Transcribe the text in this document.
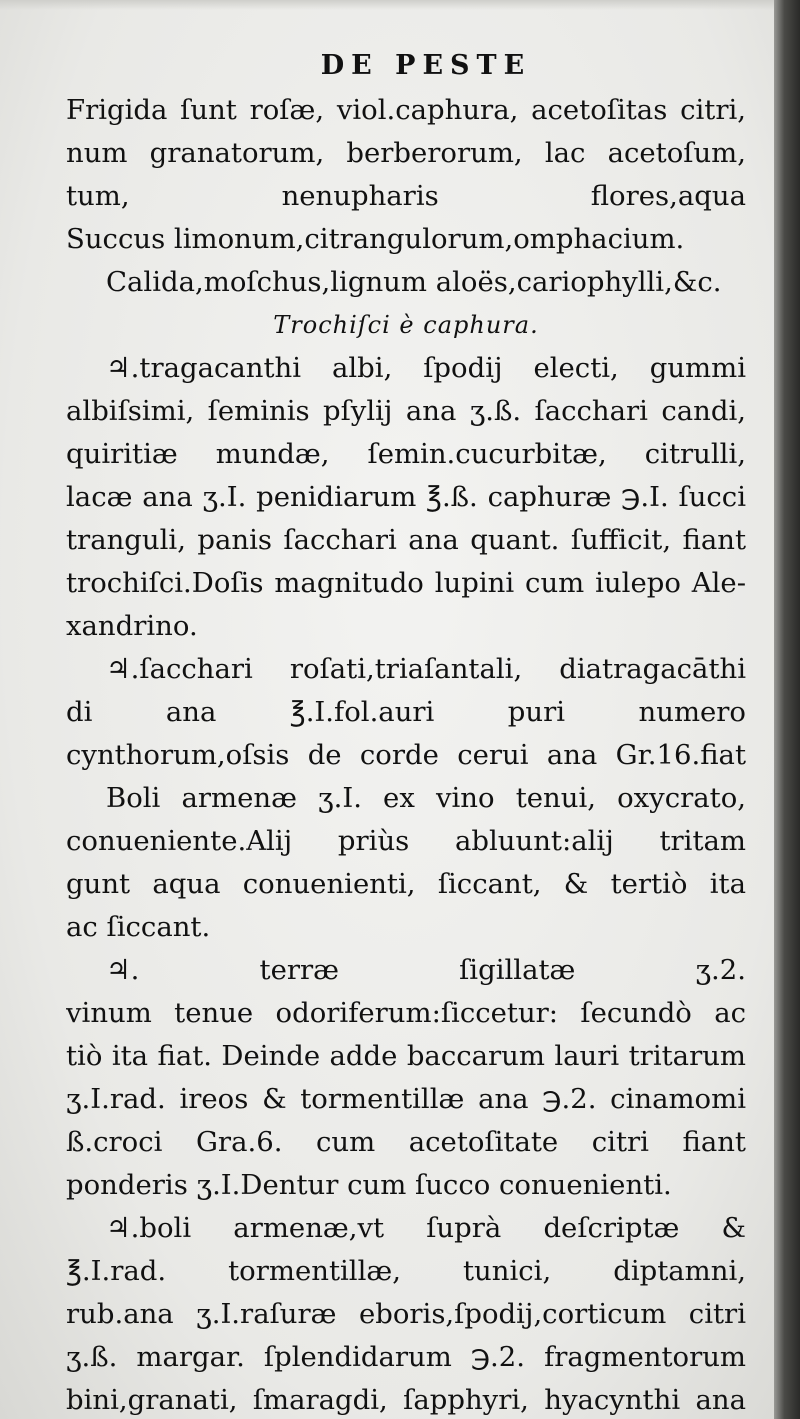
DE PESTE
Frigida ſunt roſæ, viol.caphura, acetoſitas citri,
num granatorum, berberorum, lac acetoſum,
tum, nenupharis flores,aqua
Succus limonum,citrangulorum,omphacium.
Calida,moſchus,lignum aloës,cariophylli,&c.
Trochiſci è caphura.
♃.tragacanthi albi, ſpodij electi, gummi
albiſsimi, ſeminis pſylij ana ʒ.ß. ſacchari candi,
quiritiæ mundæ, ſemin.cucurbitæ, citrulli,
lacæ ana ʒ.I. penidiarum ℥.ß. caphuræ ℈.I. ſucci
tranguli, panis ſacchari ana quant. ſufficit, fiant
trochiſci.Doſis magnitudo lupini cum iulepo Ale-
xandrino.
♃.ſacchari roſati,triaſantali, diatragacāthi
di ana ℥.I.fol.auri puri numero
cynthorum,oſsis de corde cerui ana Gr.16.fiat
Boli armenæ ʒ.I. ex vino tenui, oxycrato,
conueniente.Alij priùs abluunt:alij tritam
gunt aqua conuenienti, ſiccant, & tertiò ita
ac ſiccant.
♃. terræ ſigillatæ ʒ.2.
vinum tenue odoriferum:ſiccetur: ſecundò ac
tiò ita fiat. Deinde adde baccarum lauri tritarum
ʒ.I.rad. ireos & tormentillæ ana ℈.2. cinamomi
ß.croci Gra.6. cum acetoſitate citri fiant
ponderis ʒ.I.Dentur cum ſucco conuenienti.
♃.boli armenæ,vt ſuprà deſcriptæ &
℥.I.rad. tormentillæ, tunici, diptamni,
rub.ana ʒ.I.raſuræ eboris,ſpodij,corticum citri
ʒ.ß. margar. ſplendidarum ℈.2. fragmentorum
bini,granati, ſmaragdi, ſapphyri, hyacynthi ana
